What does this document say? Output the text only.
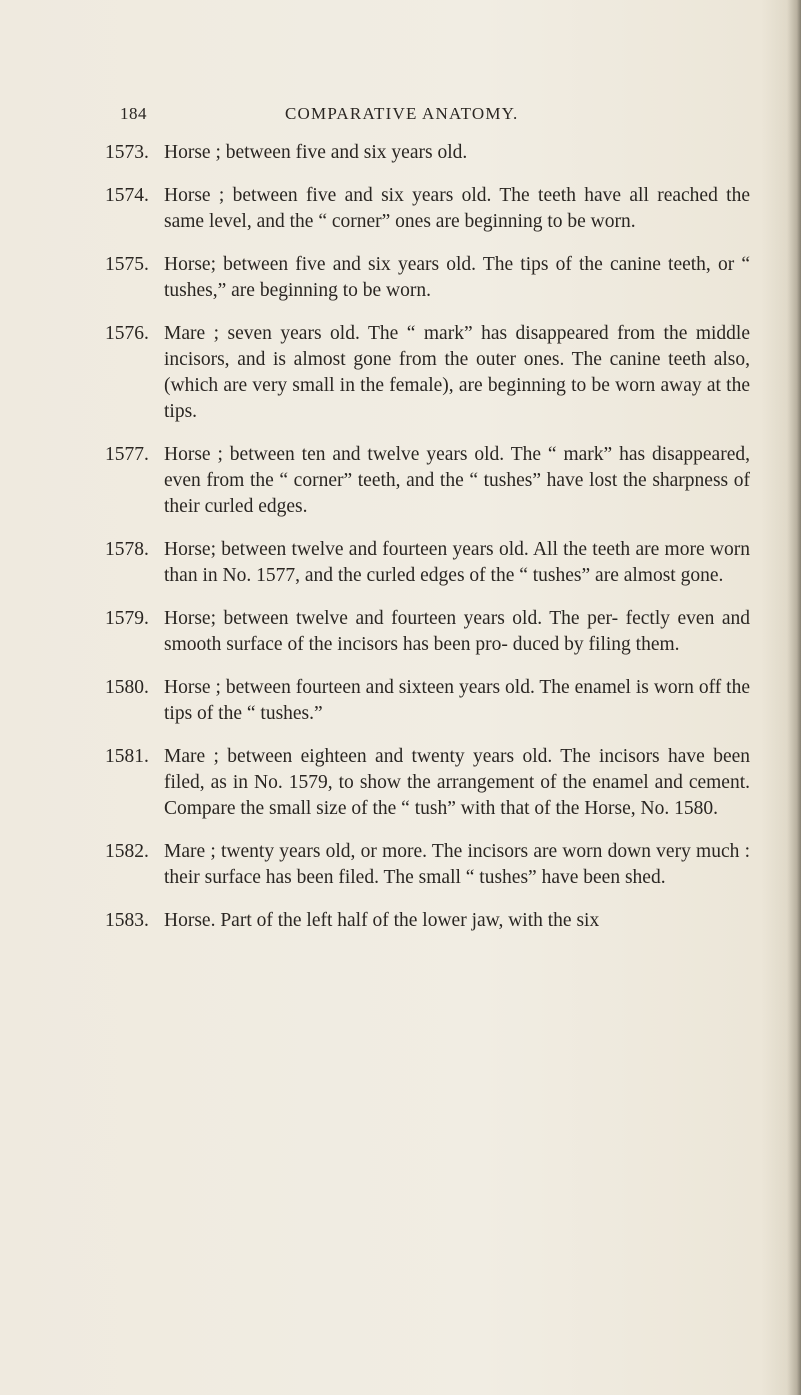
184	COMPARATIVE ANATOMY.
1573. Horse ; between five and six years old.
1574. Horse ; between five and six years old. The teeth have all reached the same level, and the “ corner” ones are beginning to be worn.
1575. Horse; between five and six years old. The tips of the canine teeth, or “ tushes,” are beginning to be worn.
1576. Mare ; seven years old. The “ mark” has disappeared from the middle incisors, and is almost gone from the outer ones. The canine teeth also, (which are very small in the female), are beginning to be worn away at the tips.
1577. Horse ; between ten and twelve years old. The “ mark” has disappeared, even from the “ corner” teeth, and the “ tushes” have lost the sharpness of their curled edges.
1578. Horse; between twelve and fourteen years old. All the teeth are more worn than in No. 1577, and the curled edges of the “ tushes” are almost gone.
1579. Horse; between twelve and fourteen years old. The per- fectly even and smooth surface of the incisors has been pro- duced by filing them.
1580. Horse ; between fourteen and sixteen years old. The enamel is worn off the tips of the “ tushes.”
1581. Mare ; between eighteen and twenty years old. The incisors have been filed, as in No. 1579, to show the arrangement of the enamel and cement. Compare the small size of the “ tush” with that of the Horse, No. 1580.
1582. Mare ; twenty years old, or more. The incisors are worn down very much : their surface has been filed. The small “ tushes” have been shed.
1583. Horse. Part of the left half of the lower jaw, with the six
